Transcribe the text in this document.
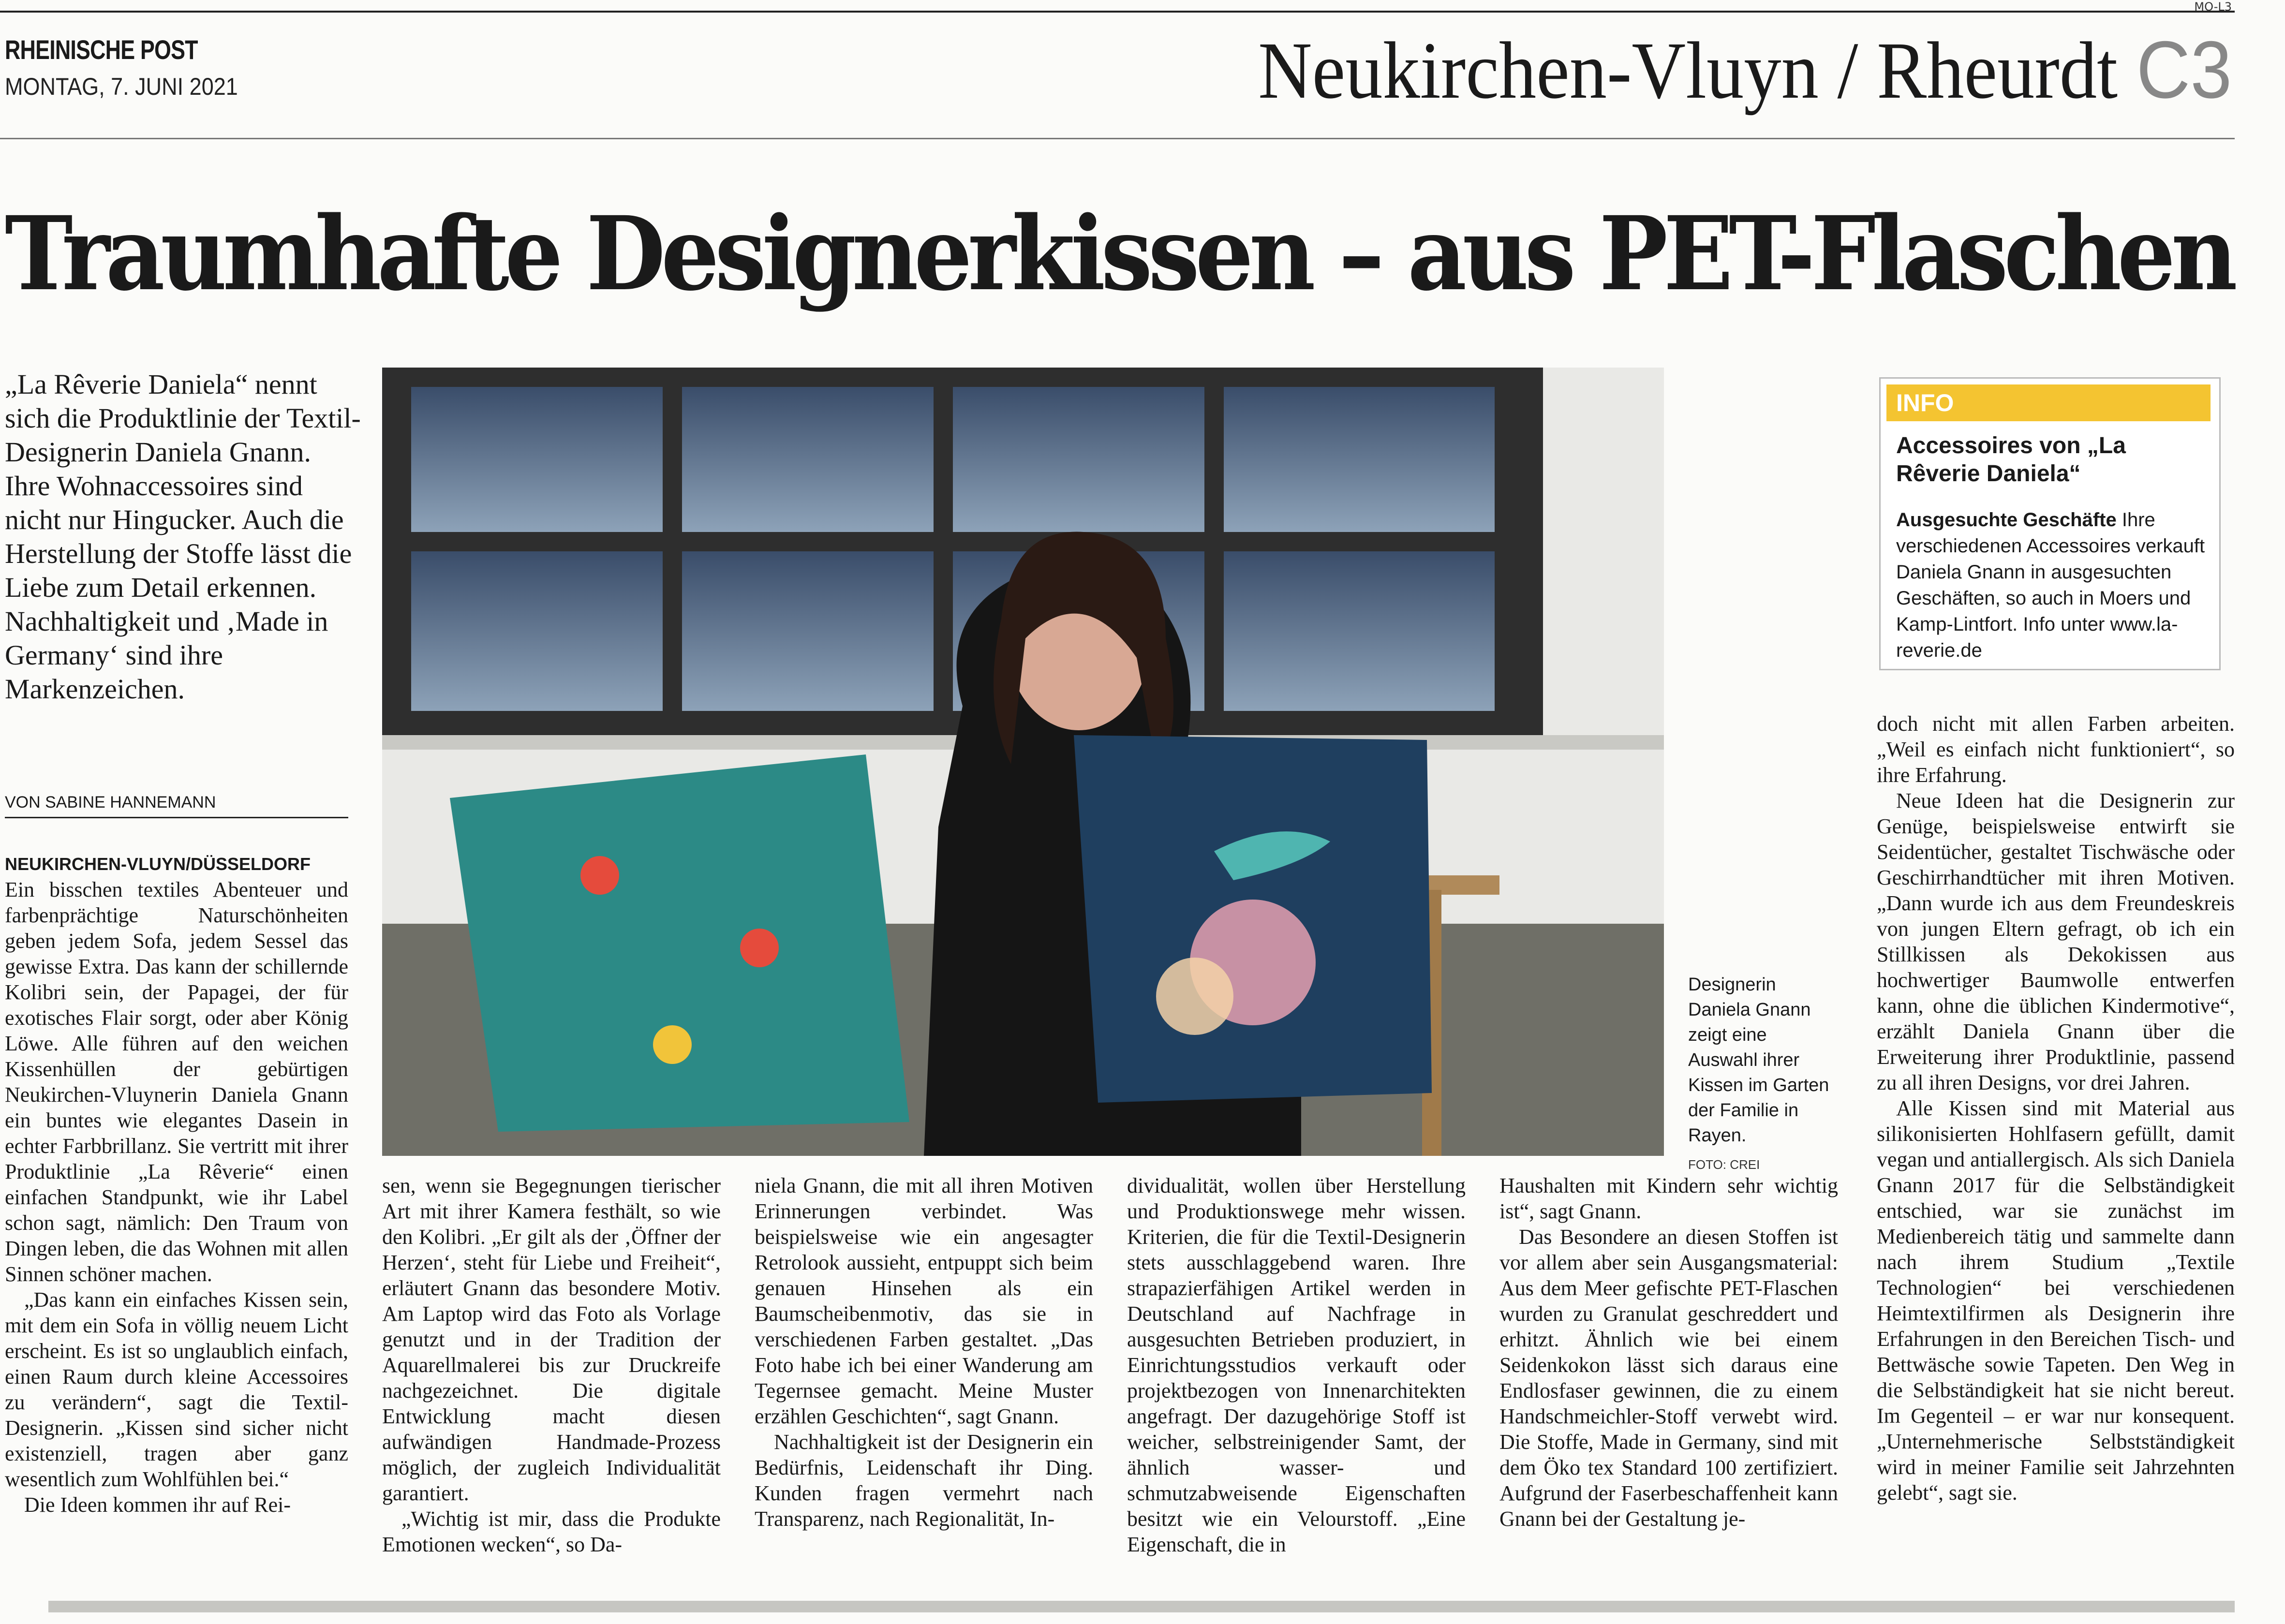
MO-L3
RHEINISCHE POST
MONTAG, 7. JUNI 2021	Neukirchen-Vluyn / Rheurdt C3
Traumhafte Designerkissen – aus PET-Flaschen
„La Rêverie Daniela“ nennt sich die Produktlinie der Textil-Designerin Daniela Gnann. Ihre Wohnaccessoires sind nicht nur Hingucker. Auch die Herstellung der Stoffe lässt die Liebe zum Detail erkennen. Nachhaltigkeit und ‚Made in Germany‘ sind ihre Markenzeichen.
VON SABINE HANNEMANN
NEUKIRCHEN-VLUYN/DÜSSELDORF

Ein bisschen textiles Abenteuer und farbenprächtige Naturschönheiten geben jedem Sofa, jedem Sessel das gewisse Extra. Das kann der schillernde Kolibri sein, der Papagei, der für exotisches Flair sorgt, oder aber König Löwe. Alle führen auf den weichen Kissenhüllen der gebürtigen Neukirchen-Vluynerin Daniela Gnann ein buntes wie elegantes Dasein in echter Farbbrillanz. Sie vertritt mit ihrer Produktlinie „La Rêverie“ einen einfachen Standpunkt, wie ihr Label schon sagt, nämlich: Den Traum von Dingen leben, die das Wohnen mit allen Sinnen schöner machen.

„Das kann ein einfaches Kissen sein, mit dem ein Sofa in völlig neuem Licht erscheint. Es ist so unglaublich einfach, einen Raum durch kleine Accessoires zu verändern“, sagt die Textil-Designerin. „Kissen sind sicher nicht existenziell, tragen aber ganz wesentlich zum Wohlfühlen bei.“

Die Ideen kommen ihr auf Rei-

Designerin Daniela Gnann zeigt eine Auswahl ihrer Kissen im Garten der Familie in Rayen.
FOTO: CREI
INFO
Accessoires von „La Rêverie Daniela“
Ausgesuchte Geschäfte Ihre verschiedenen Accessoires verkauft Daniela Gnann in ausgesuchten Geschäften, so auch in Moers und Kamp-Lintfort. Info unter www.la-reverie.de

sen, wenn sie Begegnungen tierischer Art mit ihrer Kamera festhält, so wie den Kolibri. „Er gilt als der ‚Öffner der Herzen‘, steht für Liebe und Freiheit“, erläutert Gnann das besondere Motiv. Am Laptop wird das Foto als Vorlage genutzt und in der Tradition der Aquarellmalerei bis zur Druckreife nachgezeichnet. Die digitale Entwicklung macht diesen aufwändigen Handmade-Prozess möglich, der zugleich Individualität garantiert.

„Wichtig ist mir, dass die Produkte Emotionen wecken“, so Da-

niela Gnann, die mit all ihren Motiven Erinnerungen verbindet. Was beispielsweise wie ein angesagter Retrolook aussieht, entpuppt sich beim genauen Hinsehen als ein Baumscheibenmotiv, das sie in verschiedenen Farben gestaltet. „Das Foto habe ich bei einer Wanderung am Tegernsee gemacht. Meine Muster erzählen Geschichten“, sagt Gnann.

Nachhaltigkeit ist der Designerin ein Bedürfnis, Leidenschaft ihr Ding. Kunden fragen vermehrt nach Transparenz, nach Regionalität, In-

dividualität, wollen über Herstellung und Produktionswege mehr wissen. Kriterien, die für die Textil-Designerin stets ausschlaggebend waren. Ihre strapazierfähigen Artikel werden in Deutschland auf Nachfrage in ausgesuchten Betrieben produziert, in Einrichtungsstudios verkauft oder projektbezogen von Innenarchitekten angefragt. Der dazugehörige Stoff ist weicher, selbstreinigender Samt, der ähnlich wasser- und schmutzabweisende Eigenschaften besitzt wie ein Velourstoff. „Eine Eigenschaft, die in

Haushalten mit Kindern sehr wichtig ist“, sagt Gnann.

Das Besondere an diesen Stoffen ist vor allem aber sein Ausgangsmaterial: Aus dem Meer gefischte PET-Flaschen wurden zu Granulat geschreddert und erhitzt. Ähnlich wie bei einem Seidenkokon lässt sich daraus eine Endlosfaser gewinnen, die zu einem Handschmeichler-Stoff verwebt wird. Die Stoffe, Made in Germany, sind mit dem Öko tex Standard 100 zertifiziert. Aufgrund der Faserbeschaffenheit kann Gnann bei der Gestaltung je-

doch nicht mit allen Farben arbeiten. „Weil es einfach nicht funktioniert“, so ihre Erfahrung.

Neue Ideen hat die Designerin zur Genüge, beispielsweise entwirft sie Seidentücher, gestaltet Tischwäsche oder Geschirrhandtücher mit ihren Motiven. „Dann wurde ich aus dem Freundeskreis von jungen Eltern gefragt, ob ich ein Stillkissen als Dekokissen aus hochwertiger Baumwolle entwerfen kann, ohne die üblichen Kindermotive“, erzählt Daniela Gnann über die Erweiterung ihrer Produktlinie, passend zu all ihren Designs, vor drei Jahren.

Alle Kissen sind mit Material aus silikonisierten Hohlfasern gefüllt, damit vegan und antiallergisch. Als sich Daniela Gnann 2017 für die Selbständigkeit entschied, war sie zunächst im Medienbereich tätig und sammelte dann nach ihrem Studium „Textile Technologien“ bei verschiedenen Heimtextilfirmen als Designerin ihre Erfahrungen in den Bereichen Tisch- und Bettwäsche sowie Tapeten. Den Weg in die Selbständigkeit hat sie nicht bereut. Im Gegenteil – er war nur konsequent. „Unternehmerische Selbstständigkeit wird in meiner Familie seit Jahrzehnten gelebt“, sagt sie.
